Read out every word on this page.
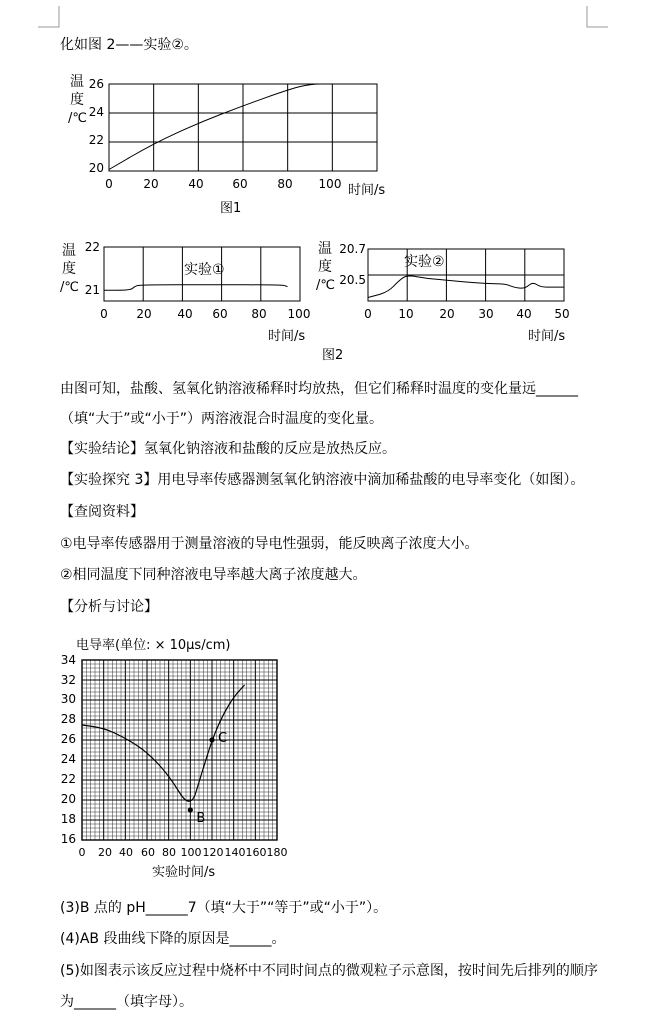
化如图 2——实验②。
温
度
/℃
26
24
22
20
0	20 40 60 80 100 时间/s
图1
温
度
/℃
22
21
实验①
0 20 40 60 80 100
时间/s
温
度
/℃
20.7
20.5
实验②
0 10 20 30 40 50
时间/s
图2
由图可知，盐酸、氢氧化钠溶液稀释时均放热，但它们稀释时温度的变化量远______
（填“大于”或“小于”）两溶液混合时温度的变化量。
【实验结论】氢氧化钠溶液和盐酸的反应是放热反应。
【实验探究 3】用电导率传感器测氢氧化钠溶液中滴加稀盐酸的电导率变化（如图）。
【查阅资料】
①电导率传感器用于测量溶液的导电性强弱，能反映离子浓度大小。
②相同温度下同种溶液电导率越大离子浓度越大。
【分析与讨论】
电导率(单位: × 10μs/cm)
B
C
34
32
30
28
26
24
22
20
18
16
0 20 40 60 80 100 120 140 160 180
实验时间/s
(3)B 点的 pH______7（填“大于”“等于”或“小于”）。
(4)AB 段曲线下降的原因是______。
(5)如图表示该反应过程中烧杯中不同时间点的微观粒子示意图，按时间先后排列的顺序
为______（填字母）。
